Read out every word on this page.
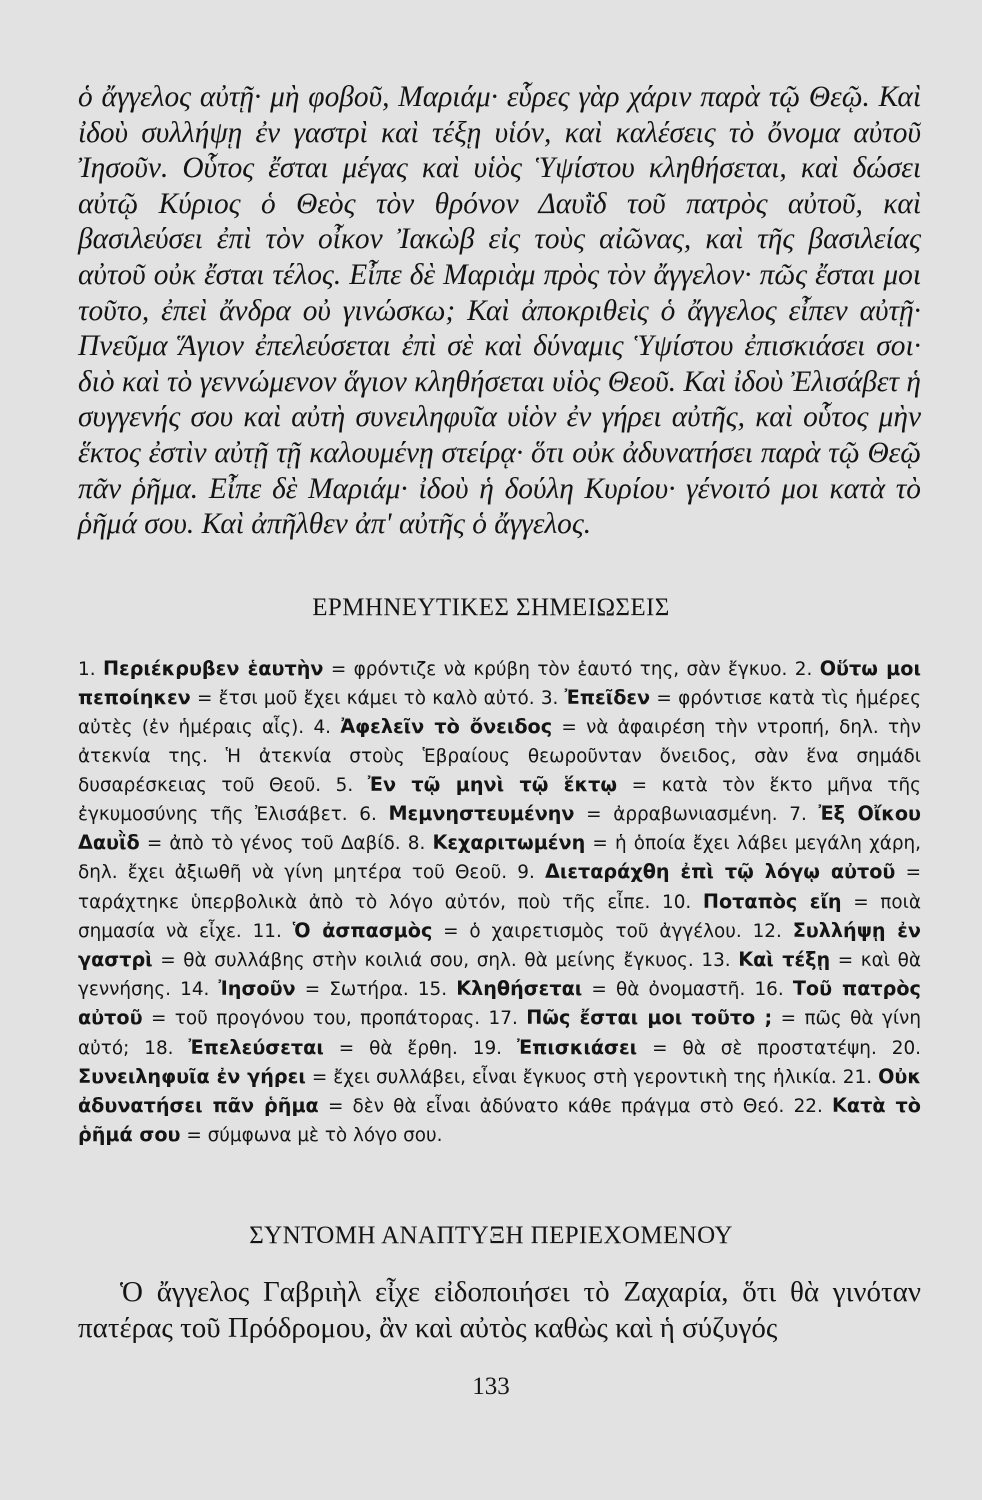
ὁ ἄγγελος αὐτῇ· μὴ φοβοῦ, Μαριάμ· εὗρες γὰρ χάριν παρὰ τῷ Θεῷ. Καὶ ἰδοὺ συλλήψῃ ἐν γαστρὶ καὶ τέξῃ υἱόν, καὶ καλέσεις τὸ ὄνομα αὐτοῦ Ἰησοῦν. Οὗτος ἔσται μέγας καὶ υἱὸς Ὑψίστου κληθήσεται, καὶ δώσει αὐτῷ Κύριος ὁ Θεὸς τὸν θρόνον Δαυῒδ τοῦ πατρὸς αὐτοῦ, καὶ βασιλεύσει ἐπὶ τὸν οἶκον Ἰακὼβ εἰς τοὺς αἰῶνας, καὶ τῆς βασιλείας αὐτοῦ οὐκ ἔσται τέλος. Εἶπε δὲ Μαριὰμ πρὸς τὸν ἄγγελον· πῶς ἔσται μοι τοῦτο, ἐπεὶ ἄνδρα οὐ γινώσκω; Καὶ ἀποκριθεὶς ὁ ἄγγελος εἶπεν αὐτῇ· Πνεῦμα Ἅγιον ἐπελεύσεται ἐπὶ σὲ καὶ δύναμις Ὑψίστου ἐπισκιάσει σοι· διὸ καὶ τὸ γεννώμενον ἅγιον κληθήσεται υἱὸς Θεοῦ. Καὶ ἰδοὺ Ἐλισάβετ ἡ συγγενής σου καὶ αὐτὴ συνειληφυῖα υἱὸν ἐν γήρει αὐτῆς, καὶ οὗτος μὴν ἕκτος ἐστὶν αὐτῇ τῇ καλουμένῃ στείρᾳ· ὅτι οὐκ ἀδυνατήσει παρὰ τῷ Θεῷ πᾶν ῥῆμα. Εἶπε δὲ Μαριάμ· ἰδοὺ ἡ δούλη Κυρίου· γένοιτό μοι κατὰ τὸ ῥῆμά σου. Καὶ ἀπῆλθεν ἀπ' αὐτῆς ὁ ἄγγελος.
ΕΡΜΗΝΕΥΤΙΚΕΣ ΣΗΜΕΙΩΣΕΙΣ
1. Περιέκρυβεν ἑαυτὴν = φρόντιζε νὰ κρύβη τὸν ἑαυτό της, σὰν ἔγκυο. 2. Οὕτω μοι πεποίηκεν = ἔτσι μοῦ ἔχει κάμει τὸ καλὸ αὐτό. 3. Ἐπεῖδεν = φρόντισε κατὰ τὶς ἡμέρες αὐτὲς (ἐν ἡμέραις αἷς). 4. Ἀφελεῖν τὸ ὄνειδος = νὰ ἀφαιρέση τὴν ντροπή, δηλ. τὴν ἀτεκνία της. Ἡ ἀτεκνία στοὺς Ἑβραίους θεωροῦνταν ὄνειδος, σὰν ἕνα σημάδι δυσαρέσκειας τοῦ Θεοῦ. 5. Ἐν τῷ μηνὶ τῷ ἕκτῳ = κατὰ τὸν ἕκτο μῆνα τῆς ἐγκυμοσύνης τῆς Ἐλισάβετ. 6. Μεμνηστευμένην = ἀρραβωνιασμένη. 7. Ἐξ Οἴκου Δαυῒδ = ἀπὸ τὸ γένος τοῦ Δαβίδ. 8. Κεχαριτωμένη = ἡ ὁποία ἔχει λάβει μεγάλη χάρη, δηλ. ἔχει ἀξιωθῆ νὰ γίνη μητέρα τοῦ Θεοῦ. 9. Διεταράχθη ἐπὶ τῷ λόγῳ αὐτοῦ = ταράχτηκε ὑπερβολικὰ ἀπὸ τὸ λόγο αὐτόν, ποὺ τῆς εἶπε. 10. Ποταπὸς εἴη = ποιὰ σημασία νὰ εἶχε. 11. Ὁ ἀσπασμὸς = ὁ χαιρετισμὸς τοῦ ἀγγέλου. 12. Συλλήψῃ ἐν γαστρὶ = θὰ συλλάβης στὴν κοιλιά σου, σηλ. θὰ μείνης ἔγκυος. 13. Καὶ τέξῃ = καὶ θὰ γεννήσης. 14. Ἰησοῦν = Σωτήρα. 15. Κληθήσεται = θὰ ὀνομαστῆ. 16. Τοῦ πατρὸς αὐτοῦ = τοῦ προγόνου του, προπάτορας. 17. Πῶς ἔσται μοι τοῦτο ; = πῶς θὰ γίνη αὐτό; 18. Ἐπελεύσεται = θὰ ἔρθη. 19. Ἐπισκιάσει = θὰ σὲ προστατέψη. 20. Συνειληφυῖα ἐν γήρει = ἔχει συλλάβει, εἶναι ἔγκυος στὴ γεροντικὴ της ἡλικία. 21. Οὐκ ἀδυνατήσει πᾶν ῥῆμα = δὲν θὰ εἶναι ἀδύνατο κάθε πράγμα στὸ Θεό. 22. Κατὰ τὸ ῥῆμά σου = σύμφωνα μὲ τὸ λόγο σου.
ΣΥΝΤΟΜΗ ΑΝΑΠΤΥΞΗ ΠΕΡΙΕΧΟΜΕΝΟΥ
Ὁ ἄγγελος Γαβριὴλ εἶχε εἰδοποιήσει τὸ Ζαχαρία, ὅτι θὰ γινόταν πατέρας τοῦ Πρόδρομου, ἂν καὶ αὐτὸς καθὼς καὶ ἡ σύζυγός
133
